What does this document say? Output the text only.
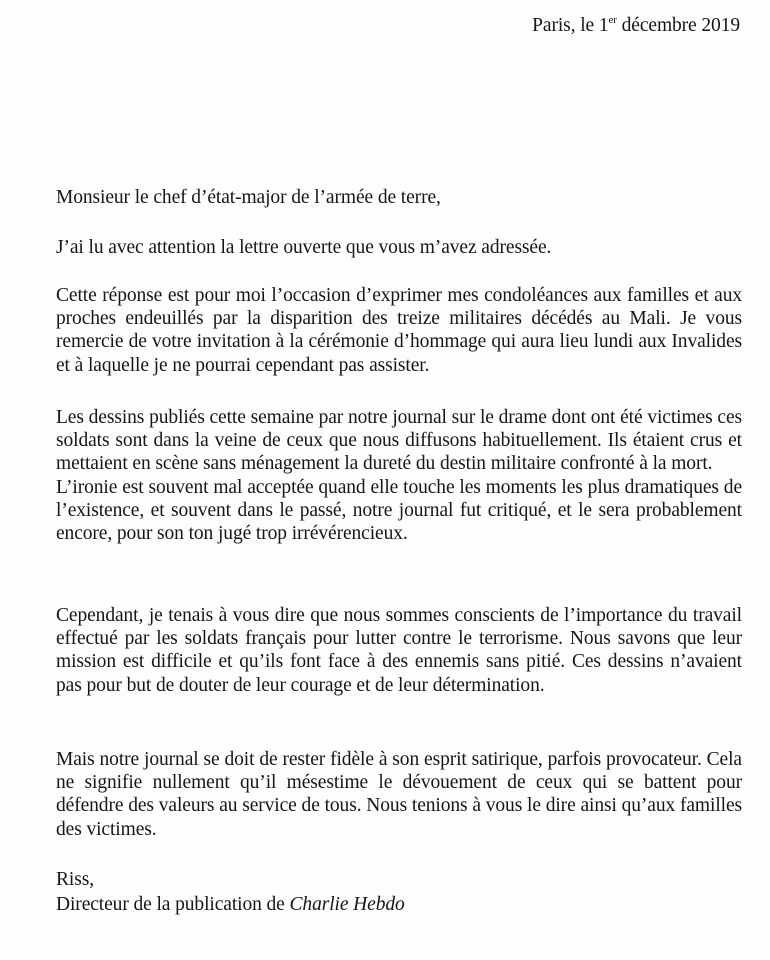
Paris, le 1er décembre 2019
Monsieur le chef d’état-major de l’armée de terre,
J’ai lu avec attention la lettre ouverte que vous m’avez adressée.

Cette réponse est pour moi l’occasion d’exprimer mes condoléances aux familles et aux proches endeuillés par la disparition des treize militaires décédés au Mali. Je vous remercie de votre invitation à la cérémonie d’hommage qui aura lieu lundi aux Invalides et à laquelle je ne pourrai cependant pas assister.

Les dessins publiés cette semaine par notre journal sur le drame dont ont été victimes ces soldats sont dans la veine de ceux que nous diffusons habituellement. Ils étaient crus et mettaient en scène sans ménagement la dureté du destin militaire confronté à la mort.
L’ironie est souvent mal acceptée quand elle touche les moments les plus dramatiques de l’existence, et souvent dans le passé, notre journal fut critiqué, et le sera probablement encore, pour son ton jugé trop irrévérencieux.

Cependant, je tenais à vous dire que nous sommes conscients de l’importance du travail effectué par les soldats français pour lutter contre le terrorisme. Nous savons que leur mission est difficile et qu’ils font face à des ennemis sans pitié. Ces dessins n’avaient pas pour but de douter de leur courage et de leur détermination.

Mais notre journal se doit de rester fidèle à son esprit satirique, parfois provocateur. Cela ne signifie nullement qu’il mésestime le dévouement de ceux qui se battent pour défendre des valeurs au service de tous. Nous tenions à vous le dire ainsi qu’aux familles des victimes.

Riss,
Directeur de la publication de Charlie Hebdo
